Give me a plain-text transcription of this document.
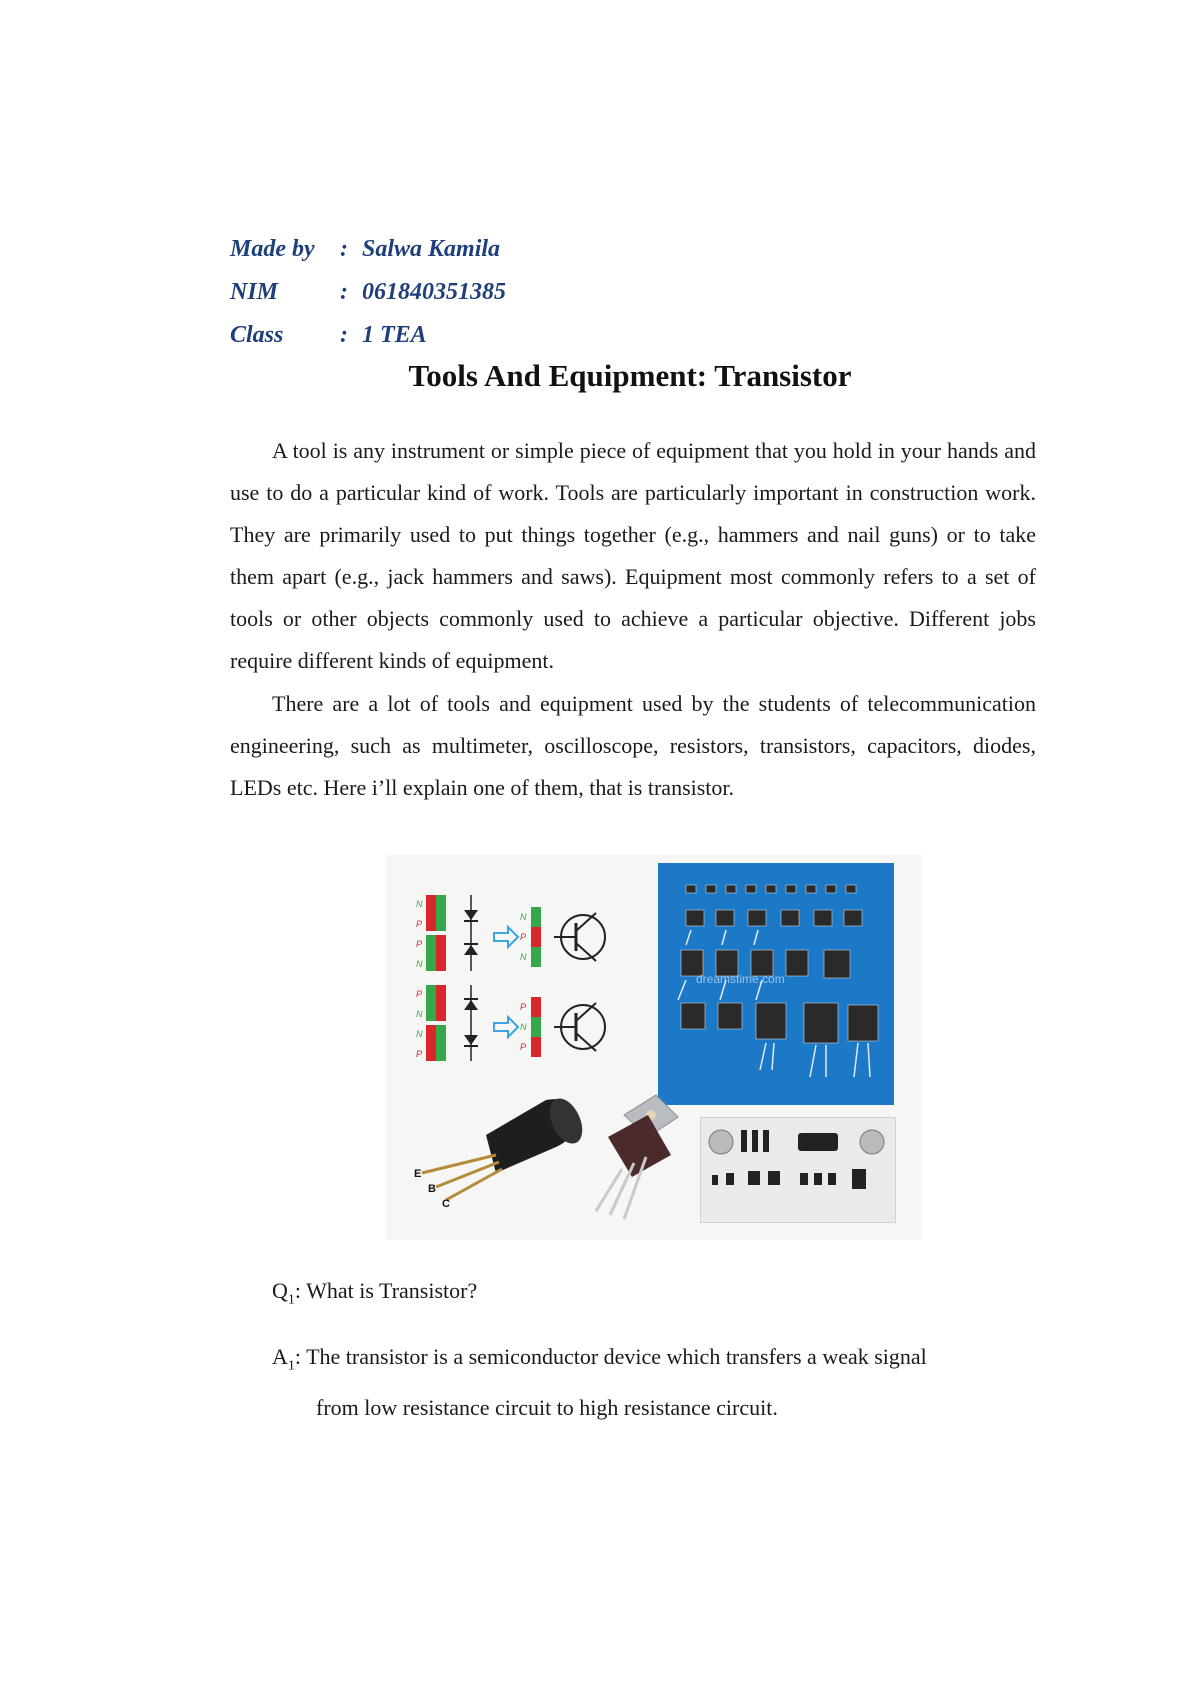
Made by	: Salwa Kamila
NIM	: 061840351385
Class	: 1 TEA
Tools And Equipment: Transistor
A tool is any instrument or simple piece of equipment that you hold in your hands and use to do a particular kind of work. Tools are particularly important in construction work. They are primarily used to put things together (e.g., hammers and nail guns) or to take them apart (e.g., jack hammers and saws). Equipment most commonly refers to a set of tools or other objects commonly used to achieve a particular objective. Different jobs require different kinds of equipment.
There are a lot of tools and equipment used by the students of telecommunication engineering, such as multimeter, oscilloscope, resistors, transistors, capacitors, diodes, LEDs etc. Here i’ll explain one of them, that is transistor.
N
P
P
N
N
P
N
P
N
N
P
P
N
P
dreamstime.com
E
B
C
$Q_1$: What is Transistor?
$A_1$: The transistor is a semiconductor device which transfers a weak signal
from low resistance circuit to high resistance circuit.
